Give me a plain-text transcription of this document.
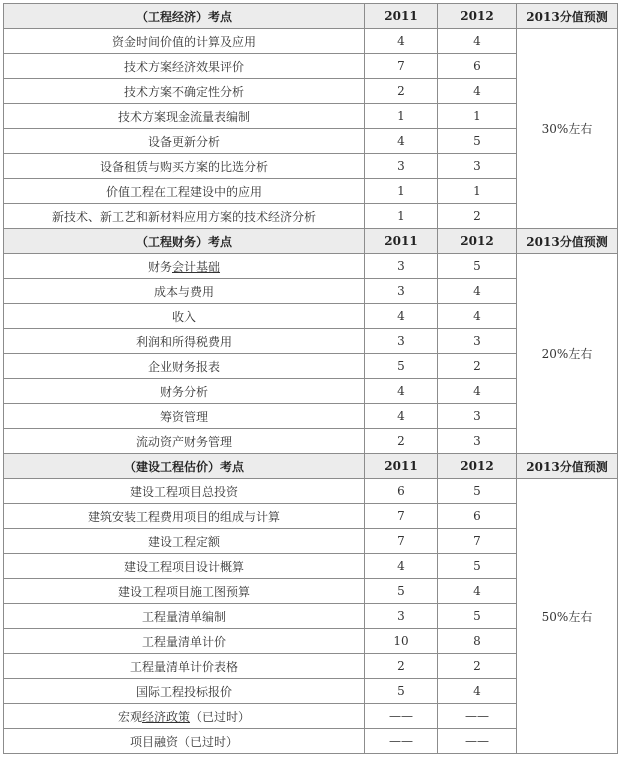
（工程经济）考点	2011	2012	2013分值预测
资金时间价值的计算及应用	4	4	30%左右
技术方案经济效果评价	7	6	
技术方案不确定性分析	2	4	
技术方案现金流量表编制	1	1	
设备更新分析	4	5	
设备租赁与购买方案的比选分析	3	3	
价值工程在工程建设中的应用	1	1	
新技术、新工艺和新材料应用方案的技术经济分析	1	2	
（工程财务）考点	2011	2012	2013分值预测
财务会计基础	3	5	20%左右
成本与费用	3	4	
收入	4	4	
利润和所得税费用	3	3	
企业财务报表	5	2	
财务分析	4	4	
筹资管理	4	3	
流动资产财务管理	2	3	
（建设工程估价）考点	2011	2012	2013分值预测
建设工程项目总投资	6	5	50%左右
建筑安装工程费用项目的组成与计算	7	6	
建设工程定额	7	7	
建设工程项目设计概算	4	5	
建设工程项目施工图预算	5	4	
工程量清单编制	3	5	
工程量清单计价	10	8	
工程量清单计价表格	2	2	
国际工程投标报价	5	4	
宏观经济政策（已过时）	——	——	
项目融资（已过时）	——	——	
